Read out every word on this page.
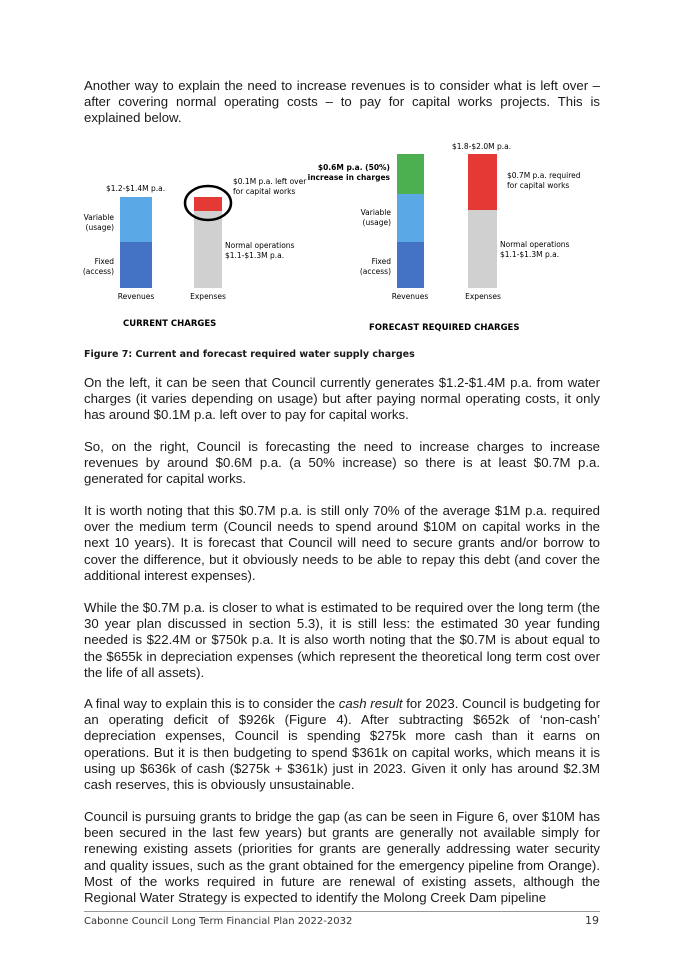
Another way to explain the need to increase revenues is to consider what is left over – after covering normal operating costs – to pay for capital works projects. This is explained below.

$1.2-$1.4M p.a.
Variable
(usage)
Fixed
(access)
Revenues
$0.1M p.a. left over
for capital works
Normal operations
$1.1-$1.3M p.a.
Expenses
CURRENT CHARGES
$0.6M p.a. (50%)
increase in charges
Variable
(usage)
Fixed
(access)
Revenues
$1.8-$2.0M p.a.
$0.7M p.a. required
for capital works
Normal operations
$1.1-$1.3M p.a.
Expenses
FORECAST REQUIRED CHARGES
Figure 7: Current and forecast required water supply charges

On the left, it can be seen that Council currently generates $1.2-$1.4M p.a. from water charges (it varies depending on usage) but after paying normal operating costs, it only has around $0.1M p.a. left over to pay for capital works.

So, on the right, Council is forecasting the need to increase charges to increase revenues by around $0.6M p.a. (a 50% increase) so there is at least $0.7M p.a. generated for capital works.

It is worth noting that this $0.7M p.a. is still only 70% of the average $1M p.a. required over the medium term (Council needs to spend around $10M on capital works in the next 10 years). It is forecast that Council will need to secure grants and/or borrow to cover the difference, but it obviously needs to be able to repay this debt (and cover the additional interest expenses).

While the $0.7M p.a. is closer to what is estimated to be required over the long term (the 30 year plan discussed in section 5.3), it is still less: the estimated 30 year funding needed is $22.4M or $750k p.a. It is also worth noting that the $0.7M is about equal to the $655k in depreciation expenses (which represent the theoretical long term cost over the life of all assets).

A final way to explain this is to consider the cash result for 2023. Council is budgeting for an operating deficit of $926k (Figure 4). After subtracting $652k of ‘non-cash’ depreciation expenses, Council is spending $275k more cash than it earns on operations. But it is then budgeting to spend $361k on capital works, which means it is using up $636k of cash ($275k + $361k) just in 2023. Given it only has around $2.3M cash reserves, this is obviously unsustainable.

Council is pursuing grants to bridge the gap (as can be seen in Figure 6, over $10M has been secured in the last few years) but grants are generally not available simply for renewing existing assets (priorities for grants are generally addressing water security and quality issues, such as the grant obtained for the emergency pipeline from Orange). Most of the works required in future are renewal of existing assets, although the Regional Water Strategy is expected to identify the Molong Creek Dam pipeline

Cabonne Council Long Term Financial Plan 2022-2032	19
